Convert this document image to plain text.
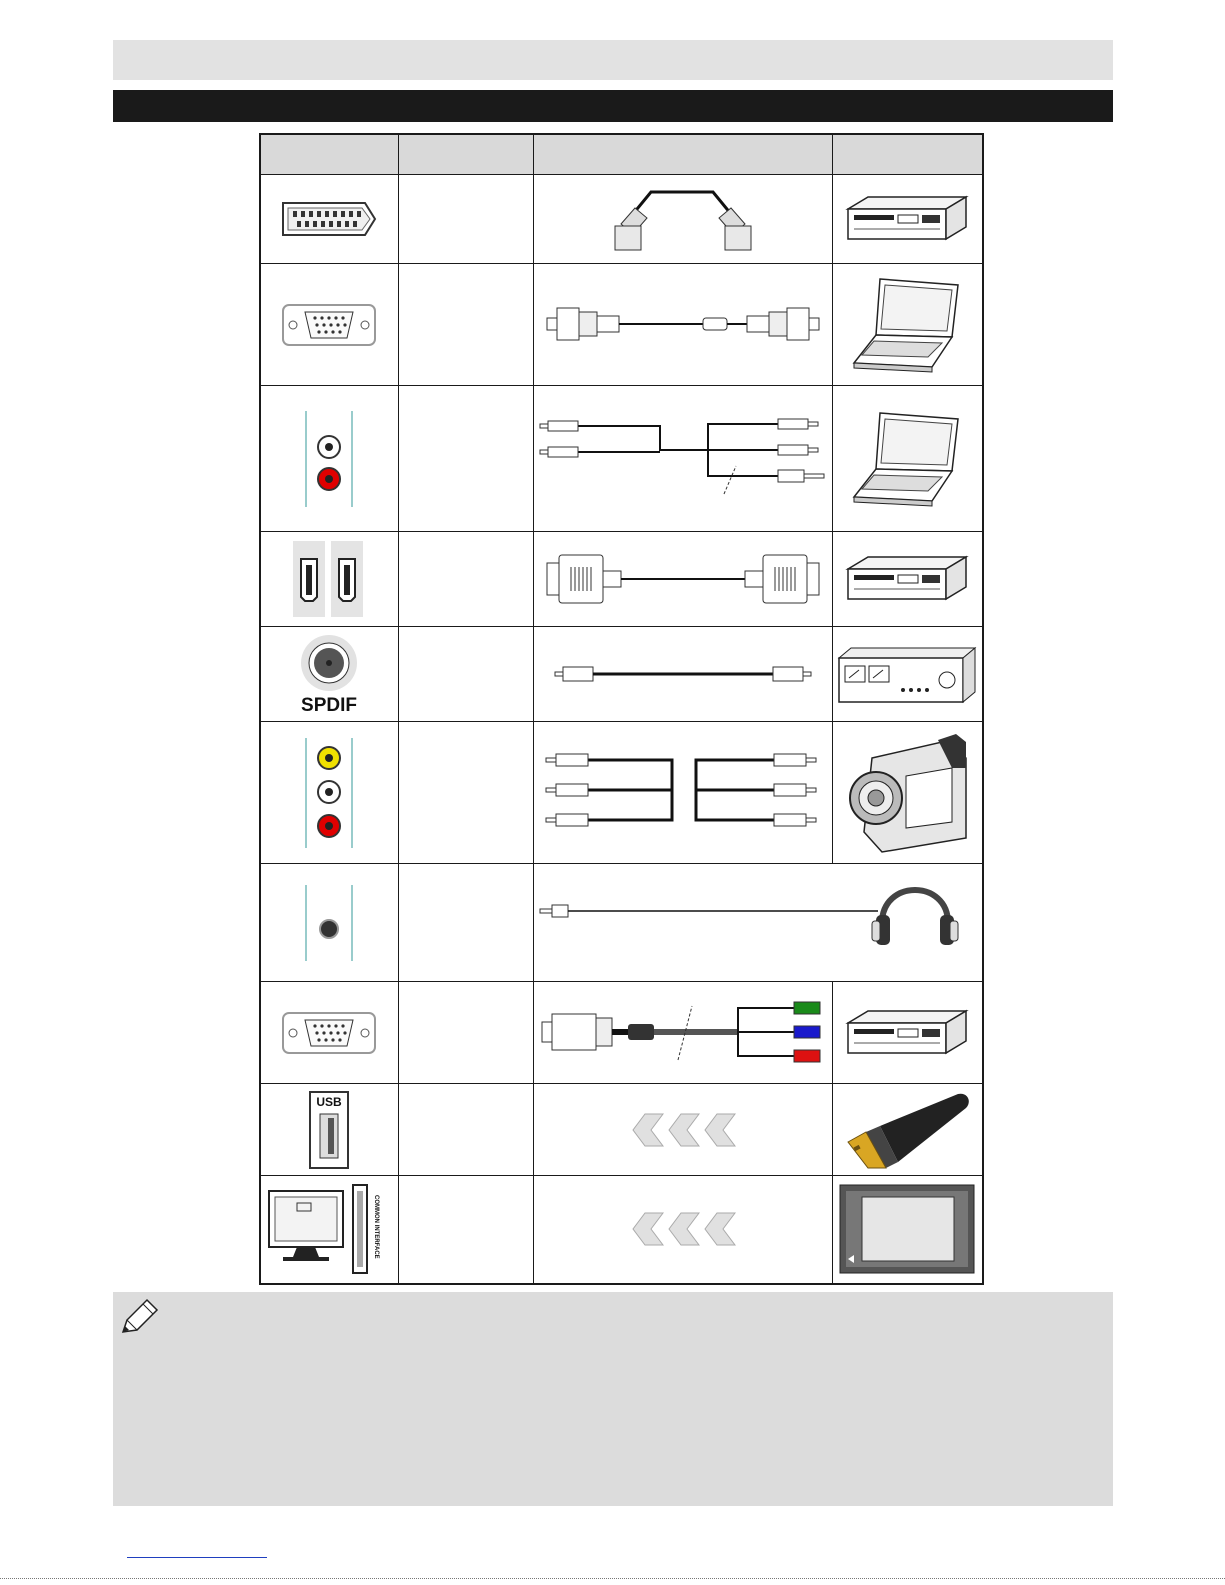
SPDIF

USB

COMMON INTERFACE
